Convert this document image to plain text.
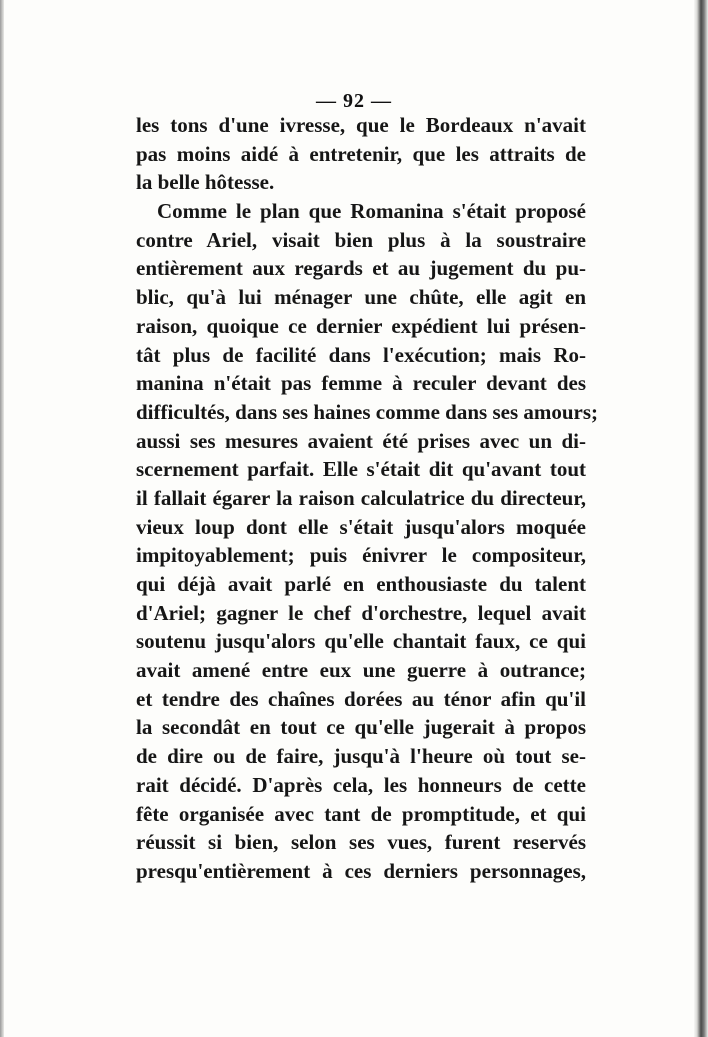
— 92 —
les tons d'une ivresse, que le Bordeaux n'avait
pas moins aidé à entretenir, que les attraits de
la belle hôtesse.
Comme le plan que Romanina s'était proposé
contre Ariel, visait bien plus à la soustraire
entièrement aux regards et au jugement du pu-
blic, qu'à lui ménager une chûte, elle agit en
raison, quoique ce dernier expédient lui présen-
tât plus de facilité dans l'exécution; mais Ro-
manina n'était pas femme à reculer devant des
difficultés, dans ses haines comme dans ses amours;
aussi ses mesures avaient été prises avec un di-
scernement parfait. Elle s'était dit qu'avant tout
il fallait égarer la raison calculatrice du directeur,
vieux loup dont elle s'était jusqu'alors moquée
impitoyablement; puis énivrer le compositeur,
qui déjà avait parlé en enthousiaste du talent
d'Ariel; gagner le chef d'orchestre, lequel avait
soutenu jusqu'alors qu'elle chantait faux, ce qui
avait amené entre eux une guerre à outrance;
et tendre des chaînes dorées au ténor afin qu'il
la secondât en tout ce qu'elle jugerait à propos
de dire ou de faire, jusqu'à l'heure où tout se-
rait décidé. D'après cela, les honneurs de cette
fête organisée avec tant de promptitude, et qui
réussit si bien, selon ses vues, furent reservés
presqu'entièrement à ces derniers personnages,
